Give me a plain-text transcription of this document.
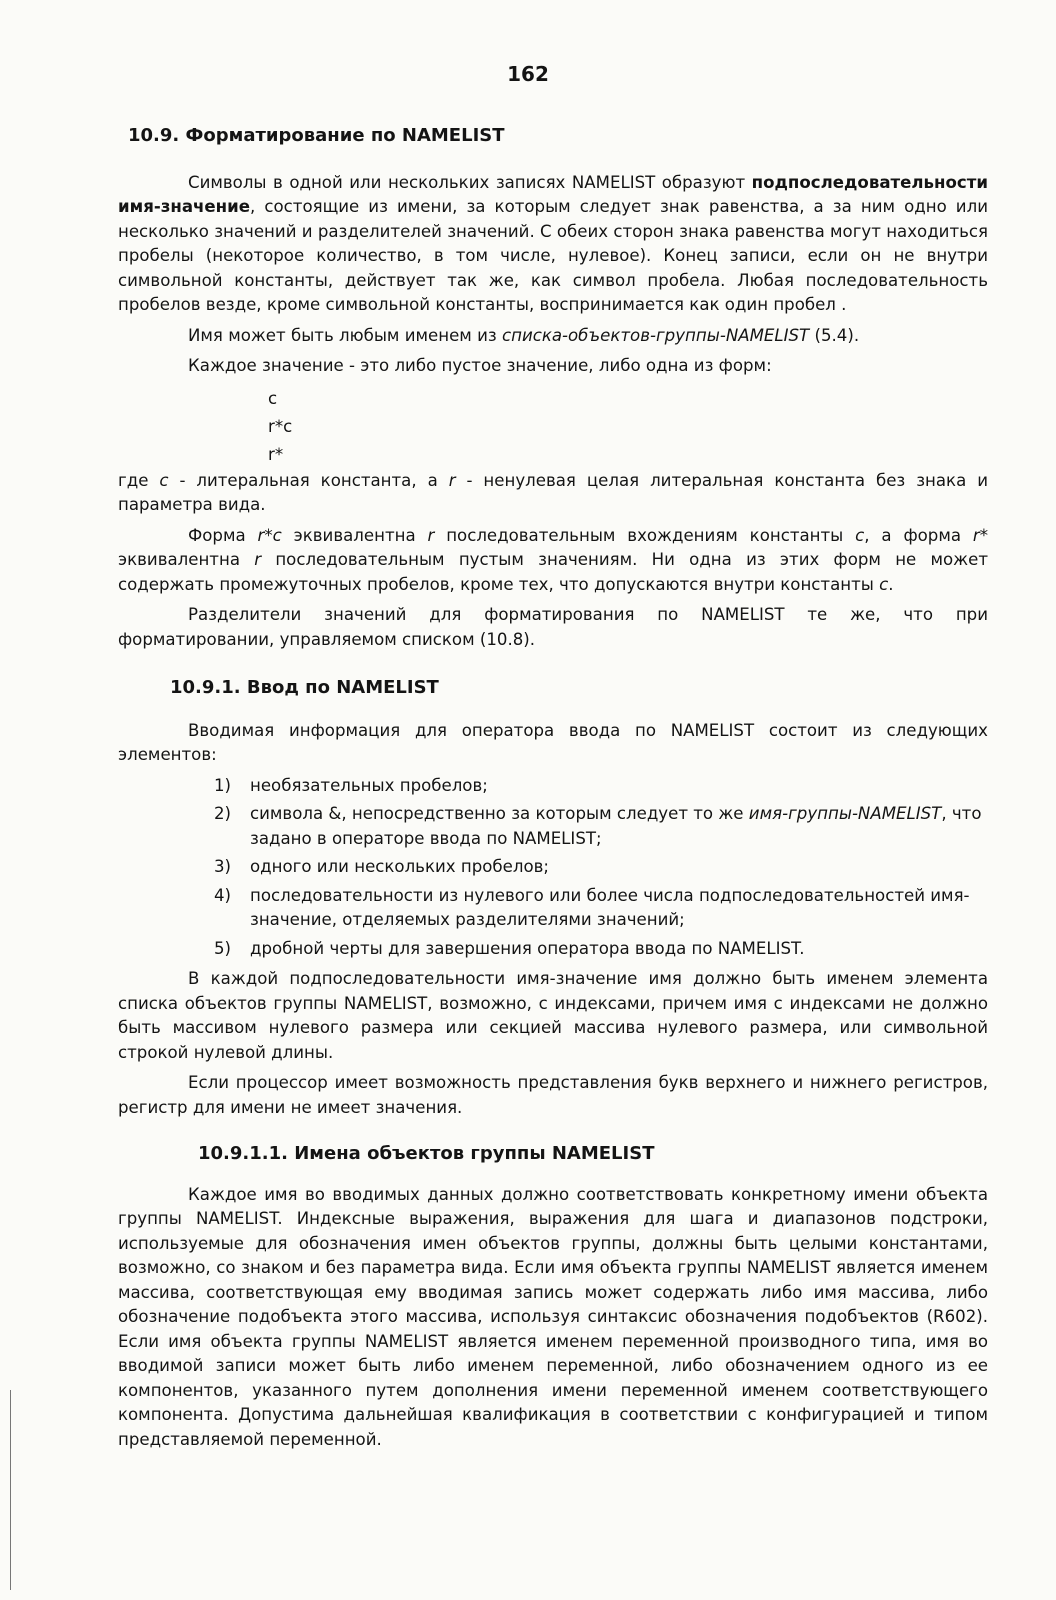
162
10.9. Форматирование по NAMELIST

Символы в одной или нескольких записях NAMELIST образуют подпоследовательности имя-значение, состоящие из имени, за которым следует знак равенства, а за ним одно или несколько значений и разделителей значений. С обеих сторон знака равенства могут находиться пробелы (некоторое количество, в том числе, нулевое). Конец записи, если он не внутри символьной константы, действует так же, как символ пробела. Любая последовательность пробелов везде, кроме символьной константы, воспринимается как один пробел .

Имя может быть любым именем из списка-объектов-группы-NAMELIST (5.4).

Каждое значение - это либо пустое значение, либо одна из форм:

c
r*c
r*

где c - литеральная константа, а r - ненулевая целая литеральная константа без знака и параметра вида.

Форма r*c эквивалентна r последовательным вхождениям константы c, а форма r* эквивалентна r последовательным пустым значениям. Ни одна из этих форм не может содержать промежуточных пробелов, кроме тех, что допускаются внутри константы c.

Разделители значений для форматирования по NAMELIST те же, что при форматировании, управляемом списком (10.8).

10.9.1. Ввод по NAMELIST

Вводимая информация для оператора ввода по NAMELIST состоит из следующих элементов:

1) необязательных пробелов;
2) символа &, непосредственно за которым следует то же имя-группы-NAMELIST, что задано в операторе ввода по NAMELIST;
3) одного или нескольких пробелов;
4) последовательности из нулевого или более числа подпоследовательностей имя-значение, отделяемых разделителями значений;
5) дробной черты для завершения оператора ввода по NAMELIST.

В каждой подпоследовательности имя-значение имя должно быть именем элемента списка объектов группы NAMELIST, возможно, с индексами, причем имя с индексами не должно быть массивом нулевого размера или секцией массива нулевого размера, или символьной строкой нулевой длины.

Если процессор имеет возможность представления букв верхнего и нижнего регистров, регистр для имени не имеет значения.

10.9.1.1. Имена объектов группы NAMELIST

Каждое имя во вводимых данных должно соответствовать конкретному имени объекта группы NAMELIST. Индексные выражения, выражения для шага и диапазонов подстроки, используемые для обозначения имен объектов группы, должны быть целыми константами, возможно, со знаком и без параметра вида. Если имя объекта группы NAMELIST является именем массива, соответствующая ему вводимая запись может содержать либо имя массива, либо обозначение подобъекта этого массива, используя синтаксис обозначения подобъектов (R602). Если имя объекта группы NAMELIST является именем переменной производного типа, имя во вводимой записи может быть либо именем переменной, либо обозначением одного из ее компонентов, указанного путем дополнения имени переменной именем соответствующего компонента. Допустима дальнейшая квалификация в соответствии с конфигурацией и типом представляемой переменной.
